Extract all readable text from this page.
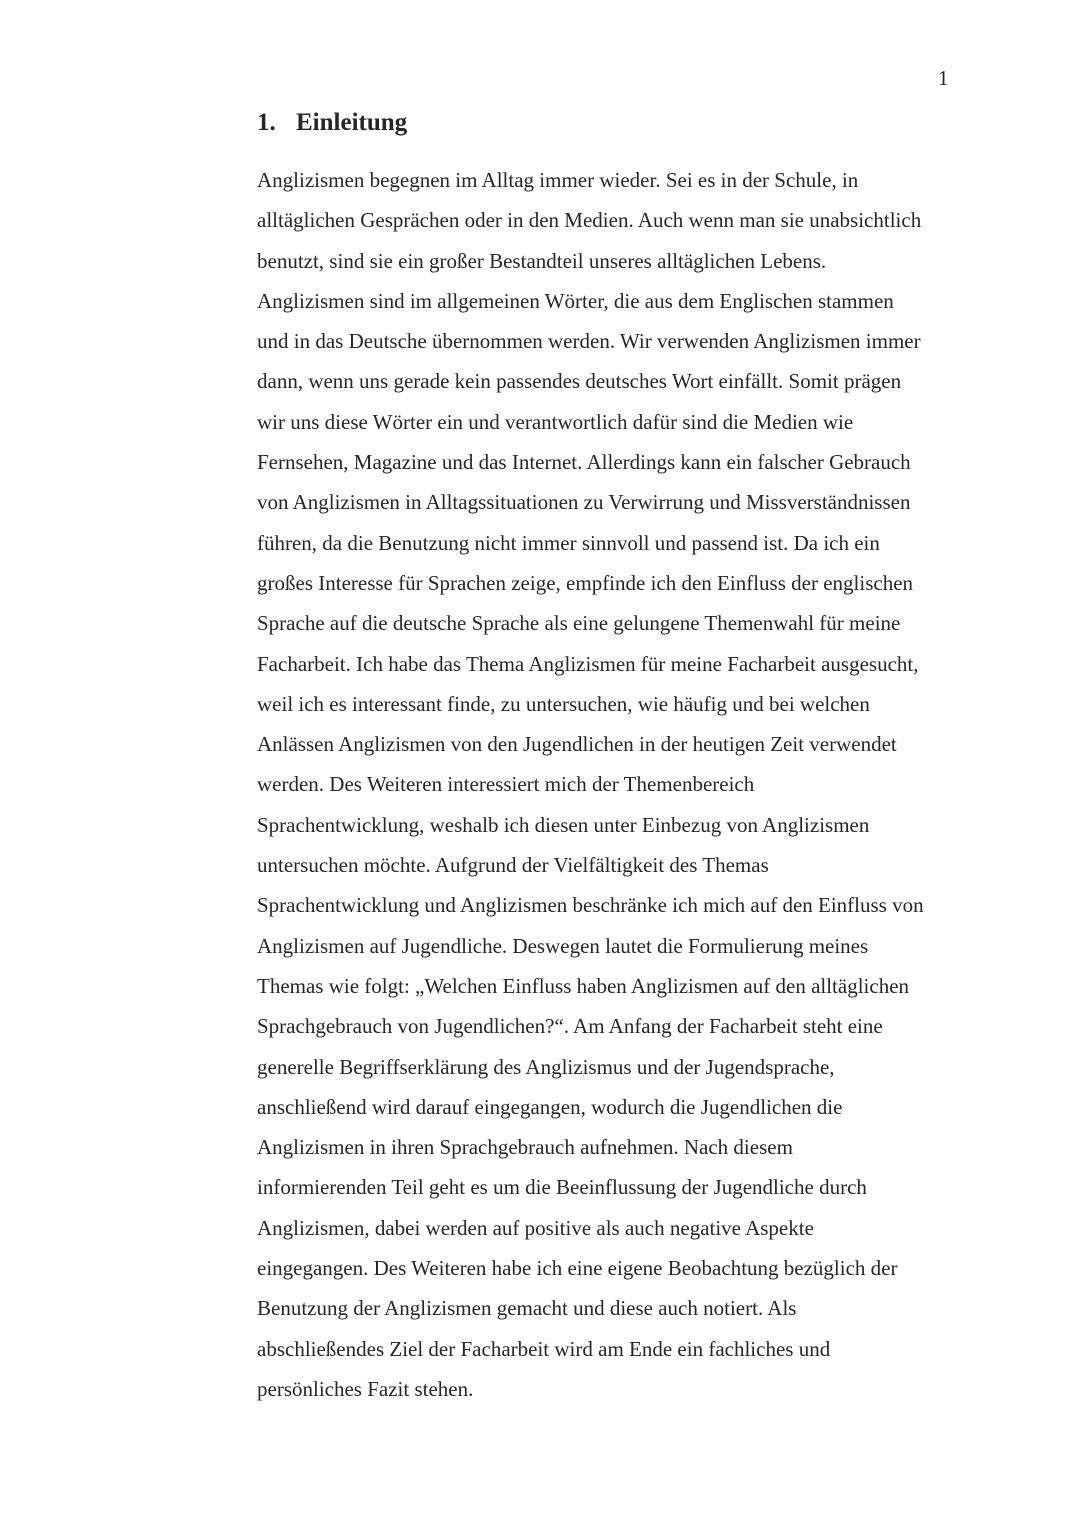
1
1. Einleitung
Anglizismen begegnen im Alltag immer wieder. Sei es in der Schule, in
alltäglichen Gesprächen oder in den Medien. Auch wenn man sie unabsichtlich
benutzt, sind sie ein großer Bestandteil unseres alltäglichen Lebens.
Anglizismen sind im allgemeinen Wörter, die aus dem Englischen stammen
und in das Deutsche übernommen werden. Wir verwenden Anglizismen immer
dann, wenn uns gerade kein passendes deutsches Wort einfällt. Somit prägen
wir uns diese Wörter ein und verantwortlich dafür sind die Medien wie
Fernsehen, Magazine und das Internet. Allerdings kann ein falscher Gebrauch
von Anglizismen in Alltagssituationen zu Verwirrung und Missverständnissen
führen, da die Benutzung nicht immer sinnvoll und passend ist. Da ich ein
großes Interesse für Sprachen zeige, empfinde ich den Einfluss der englischen
Sprache auf die deutsche Sprache als eine gelungene Themenwahl für meine
Facharbeit. Ich habe das Thema Anglizismen für meine Facharbeit ausgesucht,
weil ich es interessant finde, zu untersuchen, wie häufig und bei welchen
Anlässen Anglizismen von den Jugendlichen in der heutigen Zeit verwendet
werden. Des Weiteren interessiert mich der Themenbereich
Sprachentwicklung, weshalb ich diesen unter Einbezug von Anglizismen
untersuchen möchte. Aufgrund der Vielfältigkeit des Themas
Sprachentwicklung und Anglizismen beschränke ich mich auf den Einfluss von
Anglizismen auf Jugendliche. Deswegen lautet die Formulierung meines
Themas wie folgt: „Welchen Einfluss haben Anglizismen auf den alltäglichen
Sprachgebrauch von Jugendlichen?“. Am Anfang der Facharbeit steht eine
generelle Begriffserklärung des Anglizismus und der Jugendsprache,
anschließend wird darauf eingegangen, wodurch die Jugendlichen die
Anglizismen in ihren Sprachgebrauch aufnehmen. Nach diesem
informierenden Teil geht es um die Beeinflussung der Jugendliche durch
Anglizismen, dabei werden auf positive als auch negative Aspekte
eingegangen. Des Weiteren habe ich eine eigene Beobachtung bezüglich der
Benutzung der Anglizismen gemacht und diese auch notiert. Als
abschließendes Ziel der Facharbeit wird am Ende ein fachliches und
persönliches Fazit stehen.
